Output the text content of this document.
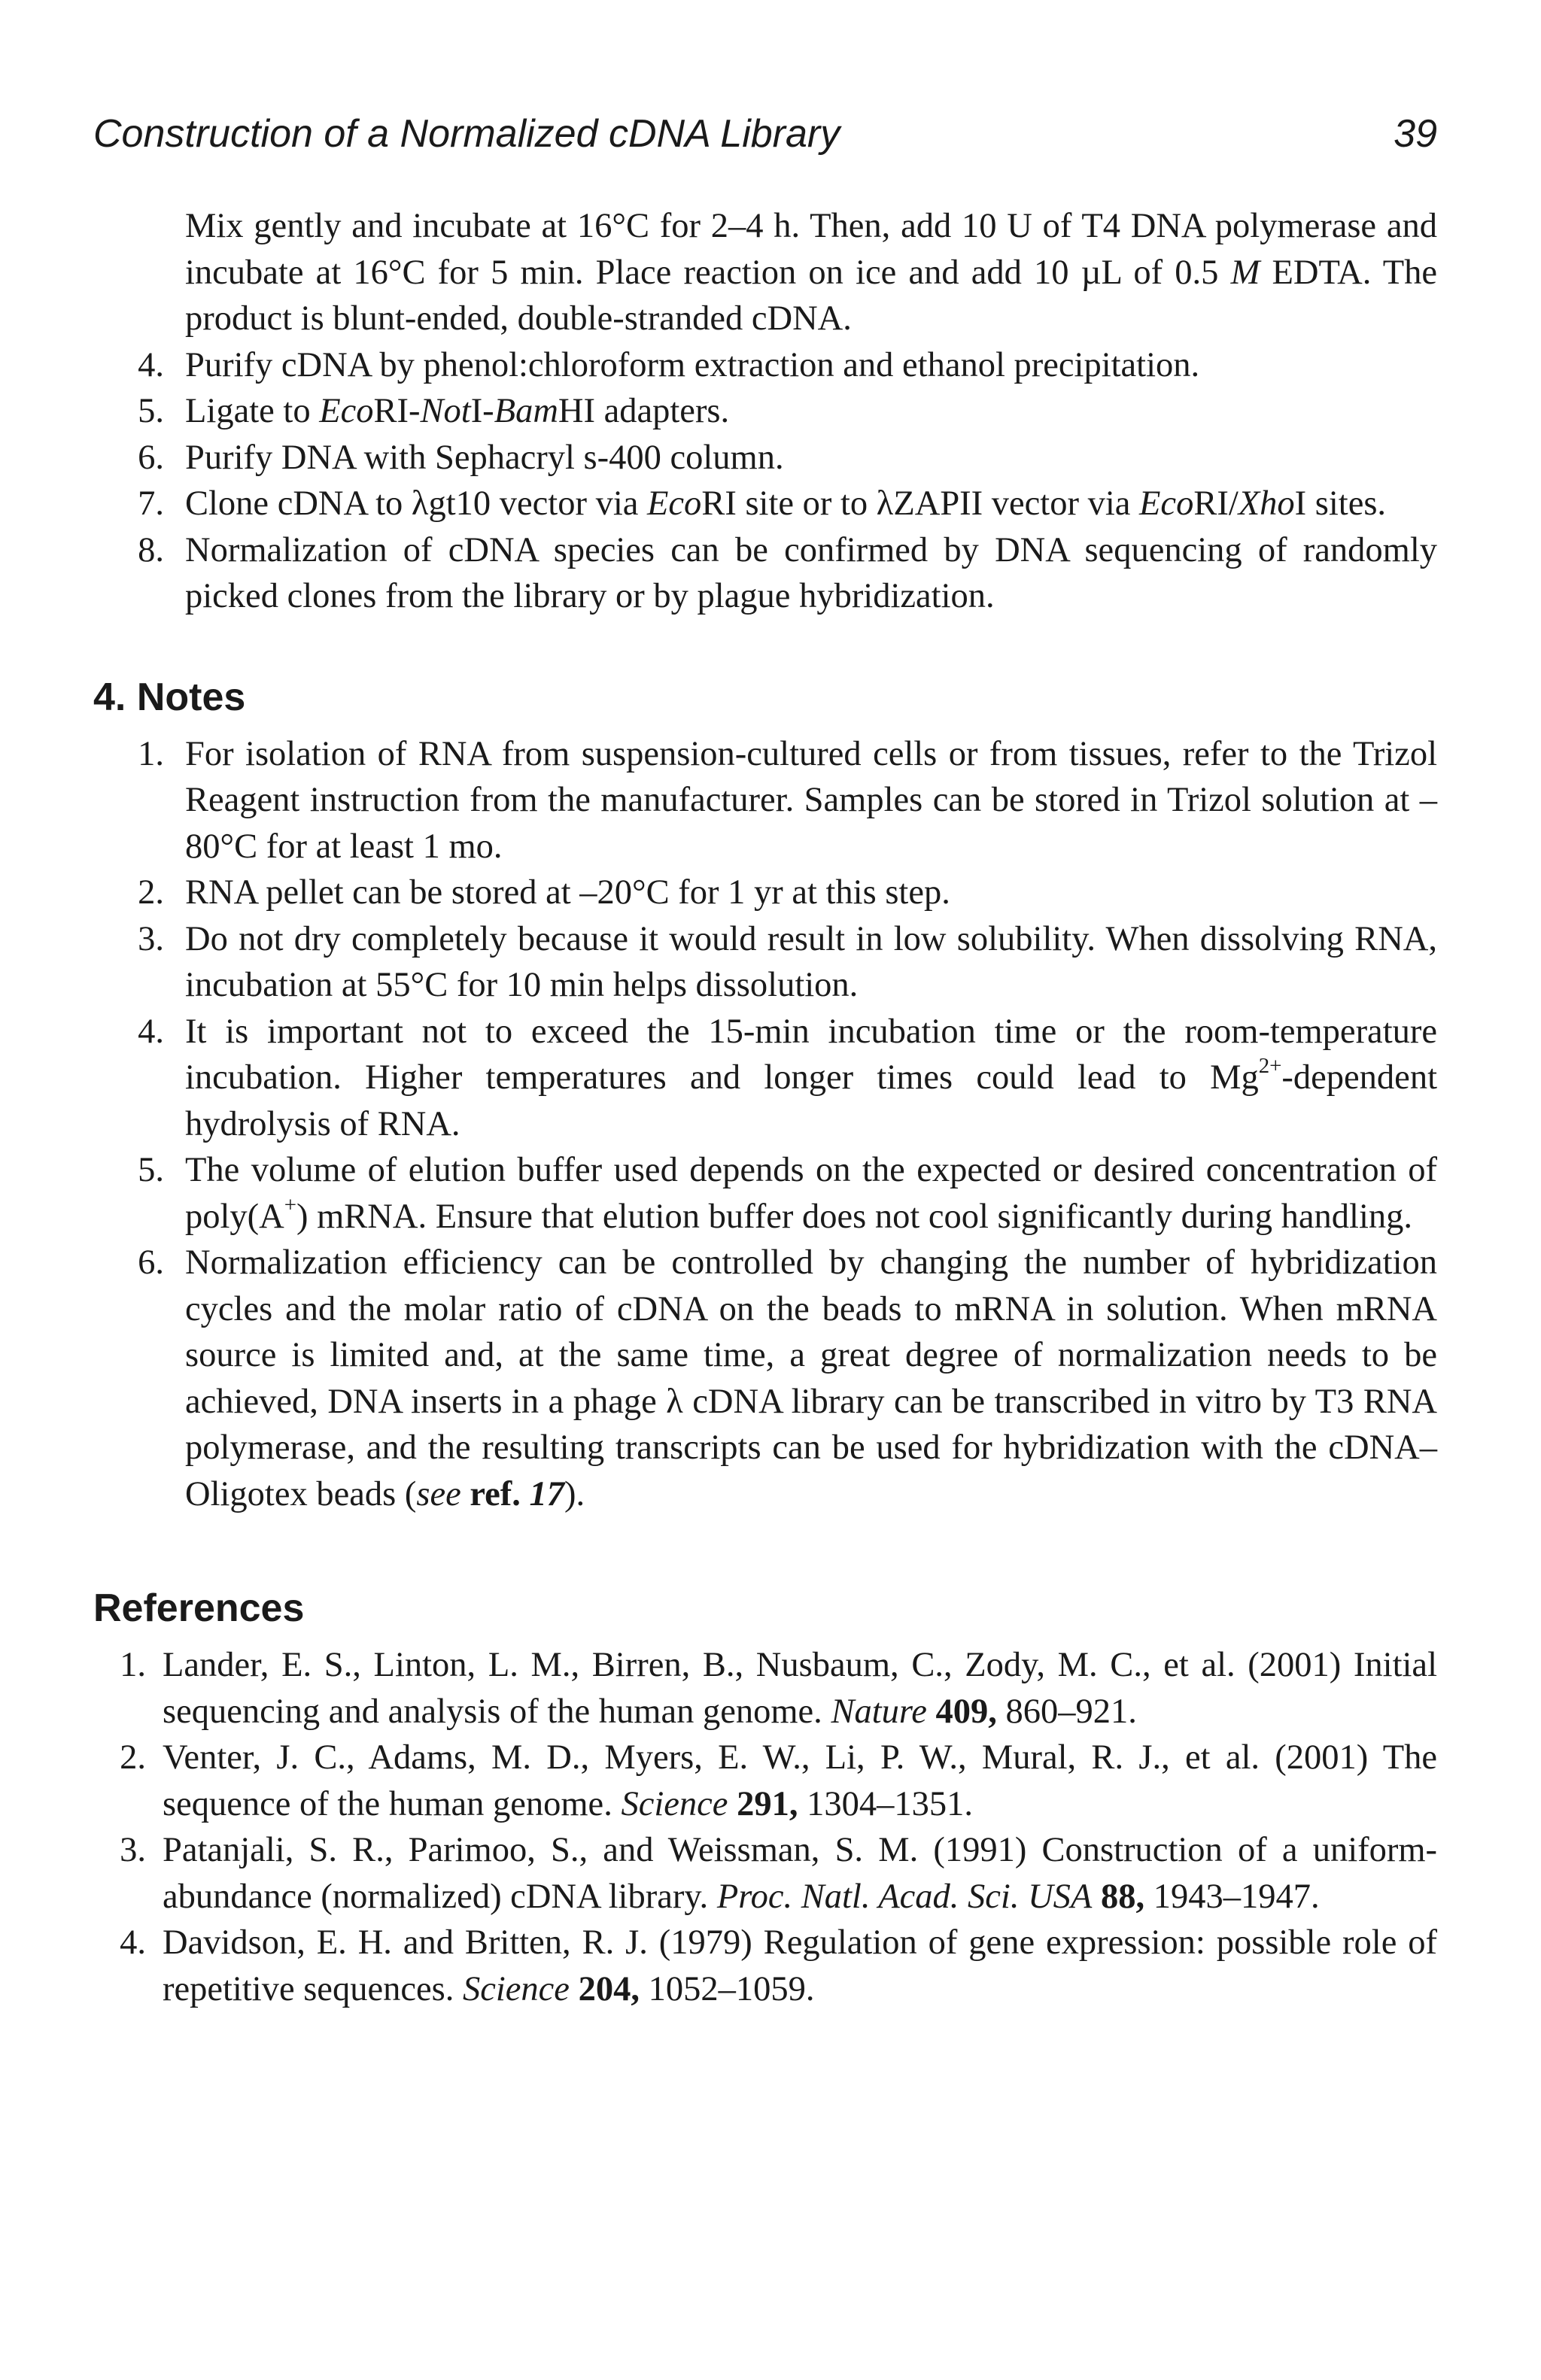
Construction of a Normalized cDNA Library	39
Mix gently and incubate at 16°C for 2–4 h. Then, add 10 U of T4 DNA polymerase and incubate at 16°C for 5 min. Place reaction on ice and add 10 µL of 0.5 M EDTA. The product is blunt-ended, double-stranded cDNA.
4. Purify cDNA by phenol:chloroform extraction and ethanol precipitation.
5. Ligate to EcoRI-NotI-BamHI adapters.
6. Purify DNA with Sephacryl s-400 column.
7. Clone cDNA to λgt10 vector via EcoRI site or to λZAPII vector via EcoRI/XhoI sites.
8. Normalization of cDNA species can be confirmed by DNA sequencing of randomly picked clones from the library or by plague hybridization.
4. Notes
1. For isolation of RNA from suspension-cultured cells or from tissues, refer to the Trizol Reagent instruction from the manufacturer. Samples can be stored in Trizol solution at –80°C for at least 1 mo.
2. RNA pellet can be stored at –20°C for 1 yr at this step.
3. Do not dry completely because it would result in low solubility. When dissolving RNA, incubation at 55°C for 10 min helps dissolution.
4. It is important not to exceed the 15-min incubation time or the room-temperature incubation. Higher temperatures and longer times could lead to $Mg^{2+}$-dependent hydrolysis of RNA.
5. The volume of elution buffer used depends on the expected or desired concentration of poly(A+) mRNA. Ensure that elution buffer does not cool significantly during handling.
6. Normalization efficiency can be controlled by changing the number of hybridization cycles and the molar ratio of cDNA on the beads to mRNA in solution. When mRNA source is limited and, at the same time, a great degree of normalization needs to be achieved, DNA inserts in a phage λ cDNA library can be transcribed in vitro by T3 RNA polymerase, and the resulting transcripts can be used for hybridization with the cDNA–Oligotex beads (see ref. 17).
References
1. Lander, E. S., Linton, L. M., Birren, B., Nusbaum, C., Zody, M. C., et al. (2001) Initial sequencing and analysis of the human genome. Nature 409, 860–921.
2. Venter, J. C., Adams, M. D., Myers, E. W., Li, P. W., Mural, R. J., et al. (2001) The sequence of the human genome. Science 291, 1304–1351.
3. Patanjali, S. R., Parimoo, S., and Weissman, S. M. (1991) Construction of a uniform-abundance (normalized) cDNA library. Proc. Natl. Acad. Sci. USA 88, 1943–1947.
4. Davidson, E. H. and Britten, R. J. (1979) Regulation of gene expression: possible role of repetitive sequences. Science 204, 1052–1059.
